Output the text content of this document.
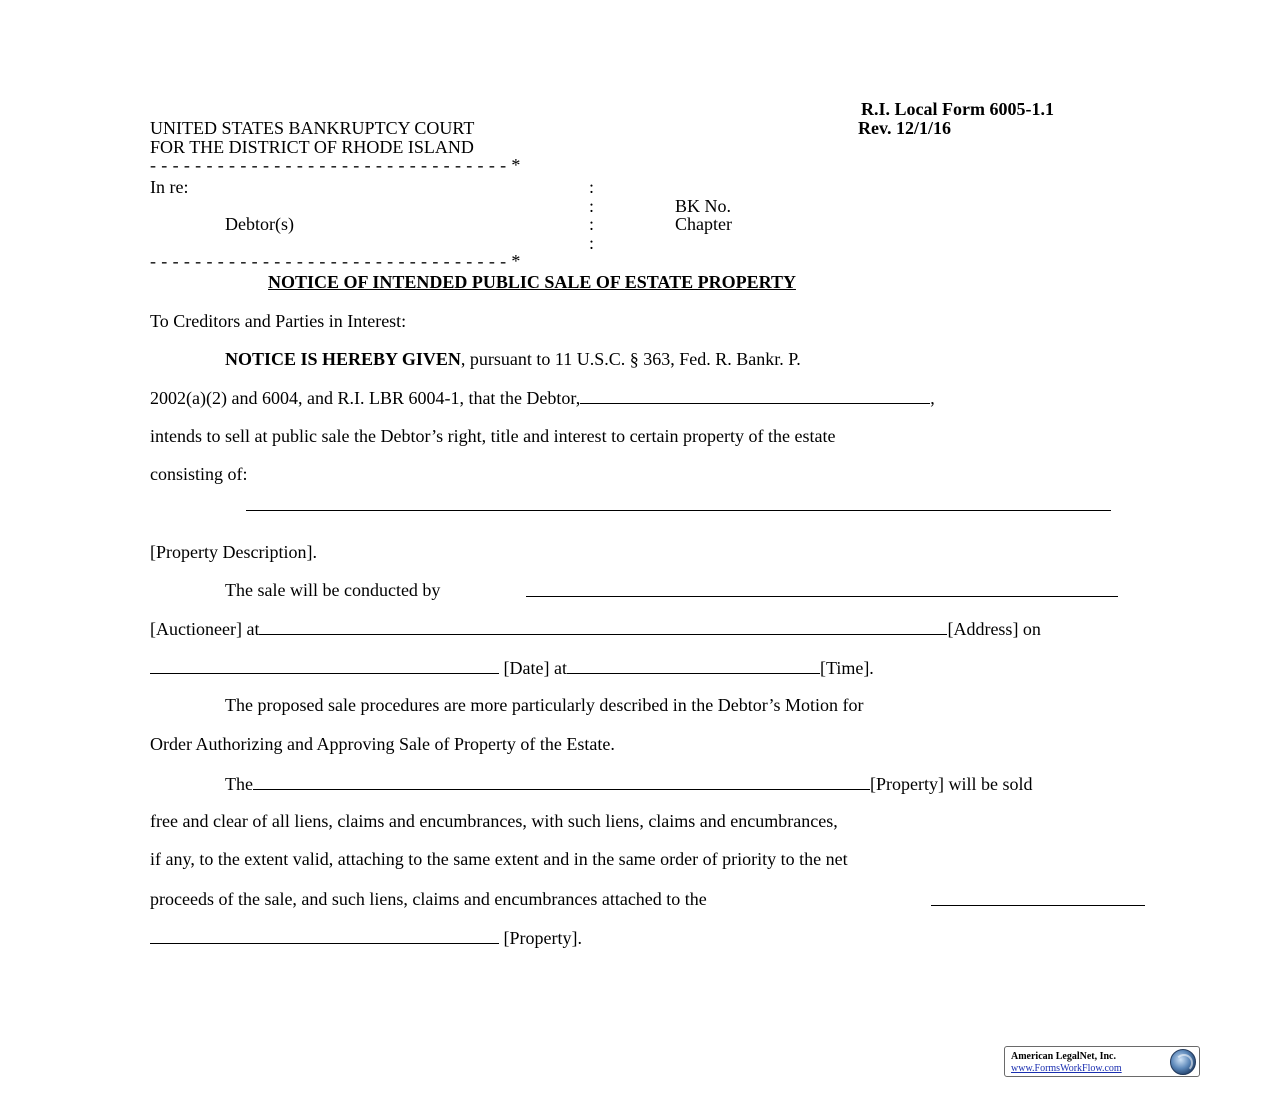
R.I. Local Form 6005-1.1
Rev. 12/1/16
UNITED STATES BANKRUPTCY COURT
FOR THE DISTRICT OF RHODE ISLAND
- - - - - - - - - - - - - - - - - - - - - - - - - - - - - - - - *
In re:	:
:	BK No.
Debtor(s)	:	Chapter
:
- - - - - - - - - - - - - - - - - - - - - - - - - - - - - - - - *
NOTICE OF INTENDED PUBLIC SALE OF ESTATE PROPERTY
To Creditors and Parties in Interest:
NOTICE IS HEREBY GIVEN, pursuant to 11 U.S.C. § 363, Fed. R. Bankr. P.
2002(a)(2) and 6004, and R.I. LBR 6004-1, that the Debtor,	,
intends to sell at public sale the Debtor’s right, title and interest to certain property of the estate
consisting of:
[Property Description].
The sale will be conducted by
[Auctioneer] at	[Address] on
[Date] at	[Time].
The proposed sale procedures are more particularly described in the Debtor’s Motion for
Order Authorizing and Approving Sale of Property of the Estate.
The	[Property] will be sold
free and clear of all liens, claims and encumbrances, with such liens, claims and encumbrances,
if any, to the extent valid, attaching to the same extent and in the same order of priority to the net
proceeds of the sale, and such liens, claims and encumbrances attached to the
[Property].
American LegalNet, Inc.
www.FormsWorkFlow.com
